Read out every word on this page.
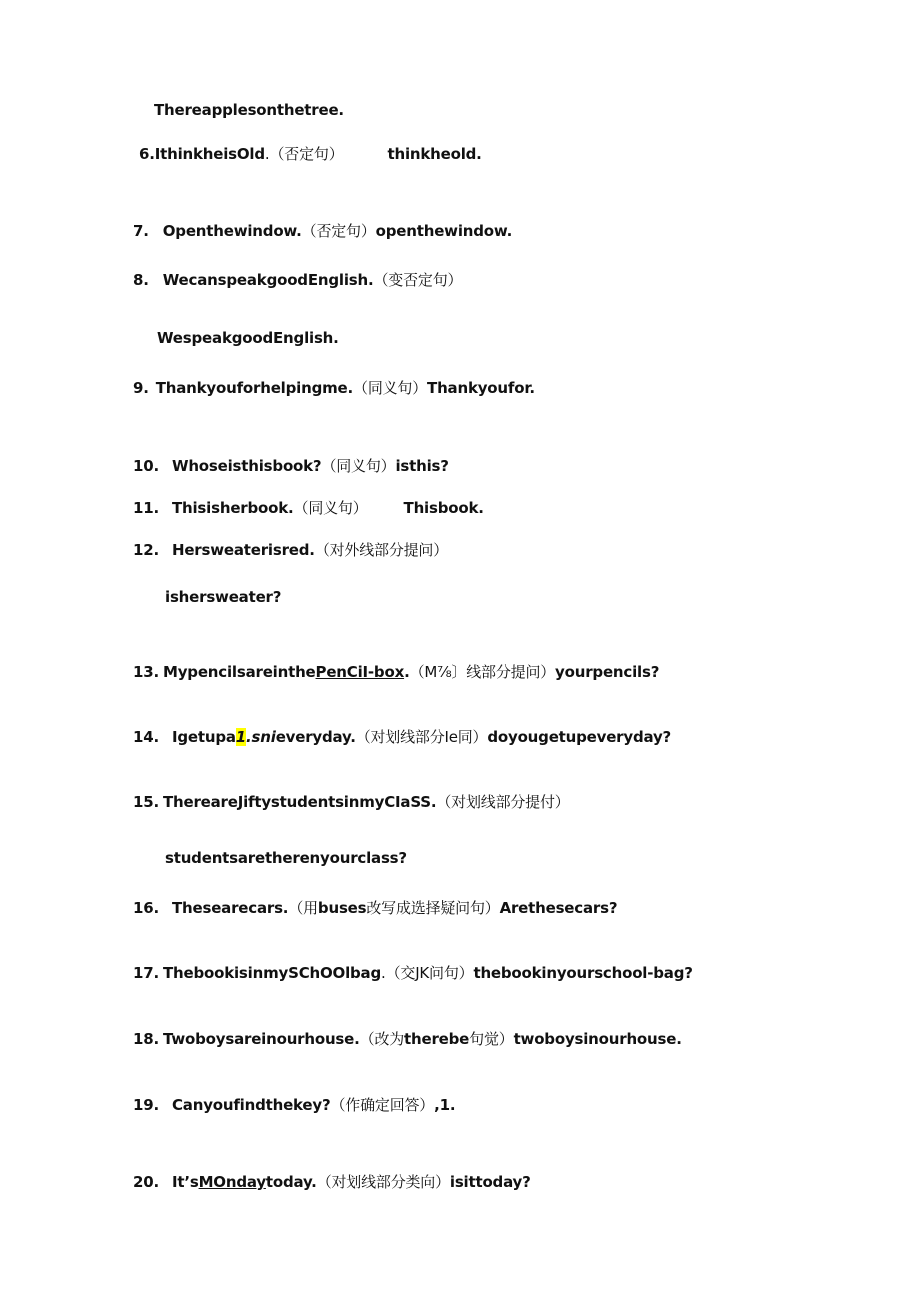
Thereapplesonthetree.
6.IthinkheisOld.（否定句）	thinkheold.
7. Openthewindow.（否定句）openthewindow.
8. WecanspeakgoodEnglish.（变否定句）
WespeakgoodEnglish.
9. Thankyouforhelpingme.（同义句）Thankyoufor.
10. Whoseisthisbook?（同义句）isthis?
11. Thisisherbook.（同义句） Thisbook.
12. Hersweaterisred.（对外线部分提问）
ishersweater?
13. MypencilsareinthePenCiI-box.（M⅞〕线部分提问）yourpencils?
14. Igetupa1.snieveryday.（对划线部分Ie同）doyougetupeveryday?
15. ThereareJiftystudentsinmyCIaSS.（对划线部分提付）
studentsaretherenyourclass?
16. Thesearecars.（用buses改写成选择疑问句）Arethesecars?
17. ThebookisinmySChOOlbag.（交JK问句）thebookinyourschool-bag?
18. Twoboysareinourhouse.（改为therebe句觉）twoboysinourhouse.
19. Canyoufindthekey?（作确定回答）,1.
20. It’sMOndaytoday.（对划线部分类向）isittoday?
